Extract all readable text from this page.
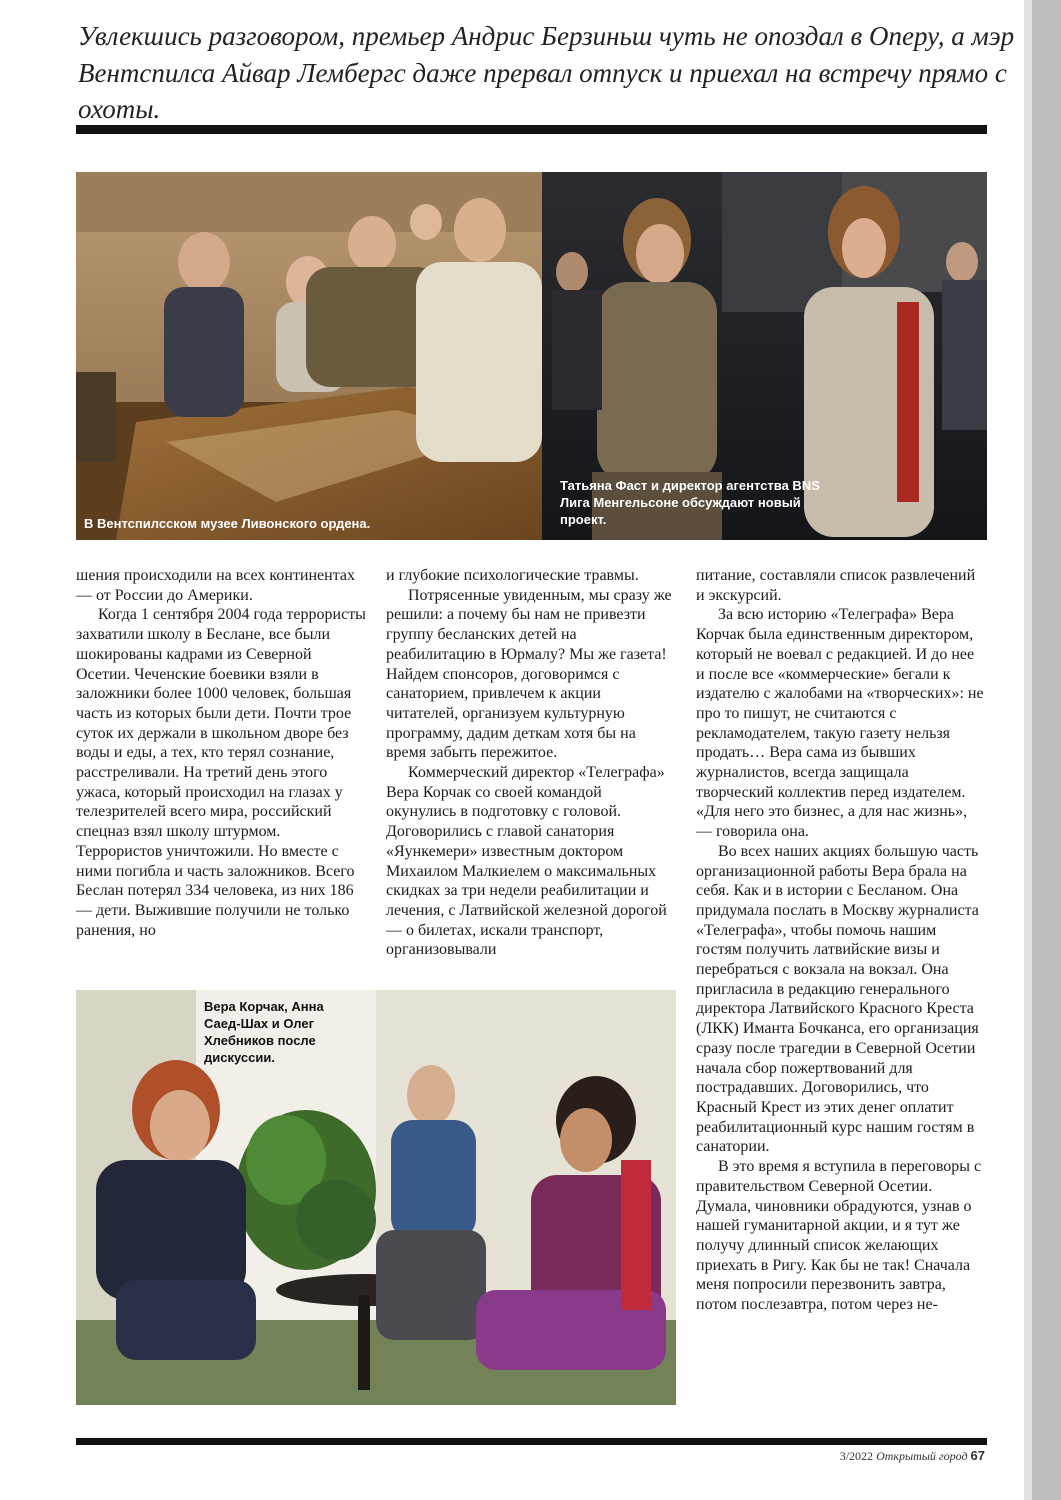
Увлекшись разговором, премьер Андрис Берзиньш чуть не опоздал в Оперу, а мэр Вентспилса Айвар Лембергс даже прервал отпуск и приехал на встречу прямо с охоты.
В Вентспилсском музее Ливонского ордена.
Татьяна Фаст и директор агентства BNS Лига Менгельсоне обсуждают новый проект.

шения происходили на всех континентах — от России до Америки.

Когда 1 сентября 2004 года террористы захватили школу в Беслане, все были шокированы кадрами из Северной Осетии. Чеченские боевики взяли в заложники более 1000 человек, большая часть из которых были дети. Почти трое суток их держали в школьном дворе без воды и еды, а тех, кто терял сознание, расстреливали. На третий день этого ужаса, который происходил на глазах у телезрителей всего мира, российский спецназ взял школу штурмом. Террористов уничтожили. Но вместе с ними погибла и часть заложников. Всего Беслан потерял 334 человека, из них 186 — дети. Выжившие получили не только ранения, но

и глубокие психологические травмы.

Потрясенные увиденным, мы сразу же решили: а почему бы нам не привезти группу бесланских детей на реабилитацию в Юрмалу? Мы же газета! Найдем спонсоров, договоримся с санаторием, привлечем к акции читателей, организуем культурную программу, дадим деткам хотя бы на время забыть пережитое.

Коммерческий директор «Телеграфа» Вера Корчак со своей командой окунулись в подготовку с головой. Договорились с главой санатория «Яункемери» известным доктором Михаилом Малкиелем о максимальных скидках за три недели реабилитации и лечения, с Латвийской железной дорогой — о билетах, искали транспорт, организовывали

питание, составляли список развлечений и экскурсий.

За всю историю «Телеграфа» Вера Корчак была единственным директором, который не воевал с редакцией. И до нее и после все «коммерческие» бегали к издателю с жалобами на «творческих»: не про то пишут, не считаются с рекламодателем, такую газету нельзя продать… Вера сама из бывших журналистов, всегда защищала творческий коллектив перед издателем. «Для него это бизнес, а для нас жизнь», — говорила она.

Во всех наших акциях большую часть организационной работы Вера брала на себя. Как и в истории с Бесланом. Она придумала послать в Москву журналиста «Телеграфа», чтобы помочь нашим гостям получить латвийские визы и перебраться с вокзала на вокзал. Она пригласила в редакцию генерального директора Латвийского Красного Креста (ЛКК) Иманта Бочканса, его организация сразу после трагедии в Северной Осетии начала сбор пожертвований для пострадавших. Договорились, что Красный Крест из этих денег оплатит реабилитационный курс нашим гостям в санатории.

В это время я вступила в переговоры с правительством Северной Осетии. Думала, чиновники обрадуются, узнав о нашей гуманитарной акции, и я тут же получу длинный список желающих приехать в Ригу. Как бы не так! Сначала меня попросили перезвонить завтра, потом послезавтра, потом через не-

Вера Корчак, Анна Саед-Шах и Олег Хлебников после дискуссии.
3/2022 Открытый город 67
